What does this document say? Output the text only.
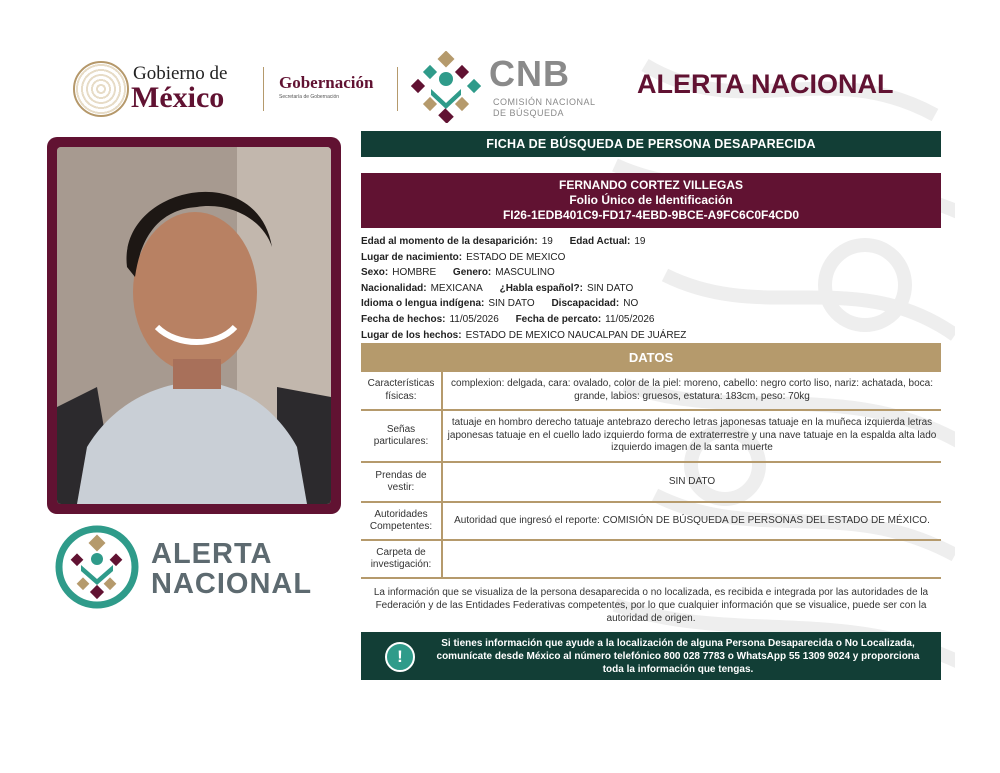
Gobierno de
México	Gobernación
Secretaría de Gobernación
CNB
COMISIÓN NACIONAL
DE BÚSQUEDA
ALERTA NACIONAL
ALERTA
NACIONAL
FICHA DE BÚSQUEDA DE PERSONA DESAPARECIDA
FERNANDO CORTEZ VILLEGAS
Folio Único de Identificación
FI26-1EDB401C9-FD17-4EBD-9BCE-A9FC6C0F4CD0
Edad al momento de la desaparición: 19 Edad Actual: 19
Lugar de nacimiento: ESTADO DE MEXICO
Sexo: HOMBRE Genero: MASCULINO
Nacionalidad: MEXICANA ¿Habla español?: SIN DATO
Idioma o lengua indígena: SIN DATO Discapacidad: NO
Fecha de hechos: 11/05/2026 Fecha de percato: 11/05/2026
Lugar de los hechos: ESTADO DE MEXICO NAUCALPAN DE JUÁREZ
DATOS
Características físicas:	complexion: delgada, cara: ovalado, color de la piel: moreno, cabello: negro corto liso, nariz: achatada, boca: grande, labios: gruesos, estatura: 183cm, peso: 70kg
Señas particulares:	tatuaje en hombro derecho tatuaje antebrazo derecho letras japonesas tatuaje en la muñeca izquierda letras japonesas tatuaje en el cuello lado izquierdo forma de extraterrestre y una nave tatuaje en la espalda alta lado izquierdo imagen de la santa muerte
Prendas de vestir:	SIN DATO
Autoridades Competentes:	Autoridad que ingresó el reporte: COMISIÓN DE BÚSQUEDA DE PERSONAS DEL ESTADO DE MÉXICO.
Carpeta de investigación:	
La información que se visualiza de la persona desaparecida o no localizada, es recibida e integrada por las autoridades de la Federación y de las Entidades Federativas competentes, por lo que cualquier información que se visualice, puede ser con la autoridad de origen.
!
Si tienes información que ayude a la localización de alguna Persona Desaparecida o No Localizada, comunícate desde México al número telefónico 800 028 7783 o WhatsApp 55 1309 9024 y proporciona toda la información que tengas.
